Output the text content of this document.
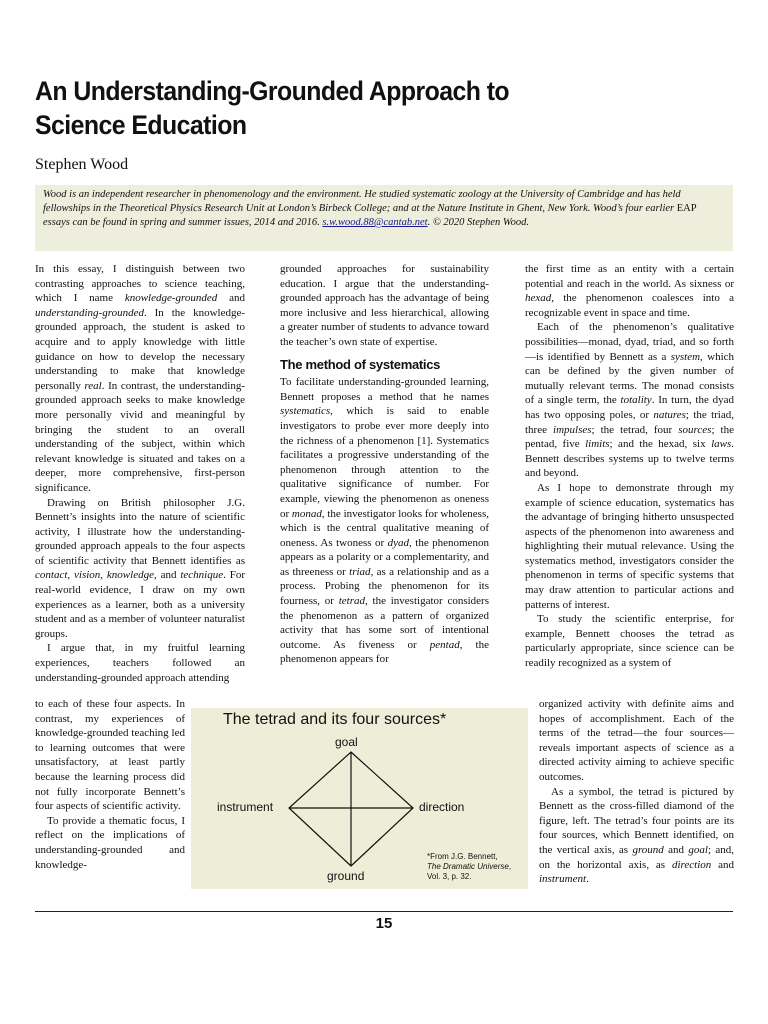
An Understanding-Grounded Approach to
Science Education
Stephen Wood
Wood is an independent researcher in phenomenology and the environment. He studied systematic zoology at the University of Cambridge and has held fellowships in the Theoretical Physics Research Unit at London’s Birbeck College; and at the Nature Institute in Ghent, New York. Wood’s four earlier EAP essays can be found in spring and summer issues, 2014 and 2016. s.w.wood.88@cantab.net. © 2020 Stephen Wood.

In this essay, I distinguish between two contrasting approaches to science teaching, which I name knowledge-grounded and understanding-grounded. In the knowledge-grounded approach, the student is asked to acquire and to apply knowledge with little guidance on how to develop the necessary understanding to make that knowledge personally real. In contrast, the understanding-grounded approach seeks to make knowledge more personally vivid and meaningful by bringing the student to an overall understanding of the subject, within which relevant knowledge is situated and takes on a deeper, more comprehensive, first-person significance.

Drawing on British philosopher J.G. Bennett’s insights into the nature of scientific activity, I illustrate how the understanding-grounded approach appeals to the four aspects of scientific activity that Bennett identifies as contact, vision, knowledge, and technique. For real-world evidence, I draw on my own experiences as a learner, both as a university student and as a member of volunteer naturalist groups.

I argue that, in my fruitful learning experiences, teachers followed an understanding-grounded approach attending

to each of these four aspects. In contrast, my experiences of knowledge-grounded teaching led to learning outcomes that were unsatisfactory, at least partly because the learning process did not fully incorporate Bennett’s four aspects of scientific activity.

To provide a thematic focus, I reflect on the implications of understanding-grounded and knowledge-

grounded approaches for sustainability education. I argue that the understanding-grounded approach has the advantage of being more inclusive and less hierarchical, allowing a greater number of students to advance toward the teacher’s own state of expertise.

The method of systematics

To facilitate understanding-grounded learning, Bennett proposes a method that he names systematics, which is said to enable investigators to probe ever more deeply into the richness of a phenomenon [1]. Systematics facilitates a progressive understanding of the phenomenon through attention to the qualitative significance of number. For example, viewing the phenomenon as oneness or monad, the investigator looks for wholeness, which is the central qualitative meaning of oneness. As twoness or dyad, the phenomenon appears as a polarity or a complementarity, and as threeness or triad, as a relationship and as a process. Probing the phenomenon for its fourness, or tetrad, the investigator considers the phenomenon as a pattern of organized activity that has some sort of intentional outcome. As fiveness or pentad, the phenomenon appears for

the first time as an entity with a certain potential and reach in the world. As sixness or hexad, the phenomenon coalesces into a recognizable event in space and time.

Each of the phenomenon’s qualitative possibilities—monad, dyad, triad, and so forth—is identified by Bennett as a system, which can be defined by the given number of mutually relevant terms. The monad consists of a single term, the totality. In turn, the dyad has two opposing poles, or natures; the triad, three impulses; the tetrad, four sources; the pentad, five limits; and the hexad, six laws. Bennett describes systems up to twelve terms and beyond.

As I hope to demonstrate through my example of science education, systematics has the advantage of bringing hitherto unsuspected aspects of the phenomenon into awareness and highlighting their mutual relevance. Using the systematics method, investigators consider the phenomenon in terms of specific systems that may draw attention to particular actions and patterns of interest.

To study the scientific enterprise, for example, Bennett chooses the tetrad as particularly appropriate, since science can be readily recognized as a system of

organized activity with definite aims and hopes of accomplishment. Each of the terms of the tetrad—the four sources—reveals important aspects of science as a directed activity aiming to achieve specific outcomes.

As a symbol, the tetrad is pictured by Bennett as the cross-filled diamond of the figure, left. The tetrad’s four points are its four sources, which Bennett identified, on the vertical axis, as ground and goal; and, on the horizontal axis, as direction and instrument.

The tetrad and its four sources*
goal
instrument	direction
ground
*From J.G. Bennett,
The Dramatic Universe,
Vol. 3, p. 32.
15
